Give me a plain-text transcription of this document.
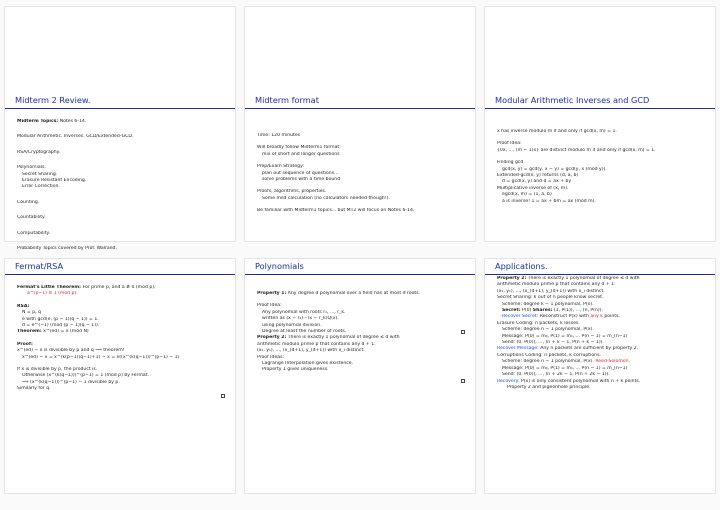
Midterm 2 Review.
Midterm Topics: Notes 6-14.
Modular Arithmetic. Inverses. GCD/Extended-GCD.
RSA/Cryptography.
Polynomials.
Secret Sharing.
Erasure Resistant Encoding.
Error Correction.
Counting.
Countability.
Computability.
Probability Topics covered by Prof. Walrand.
Midterm format
Time: 120 minutes
Will broadly follow Midterm1 format:
mix of short and longer questions
Prep/Exam Strategy:
plan out sequence of questions...
solve problems with a time bound
Proofs, algorithms, properties.
Some mild calculation (no calculators needed though!).
Be familiar with Midterm1 topics... but MT2 will focus on Notes 6-14.
Modular Arithmetic Inverses and GCD
x has inverse modulo m if and only if gcd(x, m) = 1.
Proof Idea:
{0x, ..., (m − 1)x} are distinct modulo m if and only if gcd(x, m) = 1.
Finding gcd.
gcd(x, y) = gcd(y, x − y) = gcd(y, x (mod y)).
Extended-gcd(x, y) returns (d, a, b)
d = gcd(x, y) and d = ax + by
Multiplicative inverse of (x, m).
egcd(x, m) = (1, a, b)
a is inverse! 1 = ax + bm = ax (mod m).
Fermat/RSA
Fermat's Little Theorem: For prime p, and a ≢ 0 (mod p),
a^(p−1) ≡ 1 (mod p).
RSA:
N = p, q
e with gcd(e, (p − 1)(q − 1)) = 1.
d = e^(−1) (mod (p − 1)(q − 1)).
Theorem: x^(ed) = x (mod N)
Proof:
x^(ed) − x is divisible by p and q ⟹ theorem!
x^(ed) − x = x^(k(p−1)(q−1)+1) − x = x((x^(k(q−1)))^(p−1) − 1)
If x is divisible by p, the product is.
Otherwise (x^(k(q−1)))^(p−1) = 1 (mod p) by Fermat.
⟹ (x^(k(q−1)))^(p−1) − 1 divisible by p.
Similarly for q.
Polynomials
Property 1: Any degree d polynomial over a field has at most d roots.
Proof Idea:
Any polynomial with roots r₁, ..., r_k.
written as (x − r₁)···(x − r_k)Q(x).
using polynomial division.
Degree at least the number of roots.
Property 2: There is exactly 1 polynomial of degree ≤ d with
arithmetic modulo prime p that contains any d + 1:
(x₁, y₁), ..., (x_(d+1), y_(d+1)) with x_i distinct.
Proof Ideas:
Lagrange Interpolation gives existence.
Property 1 gives uniqueness.
Applications.
Property 2: There is exactly 1 polynomial of degree ≤ d with
arithmetic modulo prime p that contains any d + 1:
(x₁, y₁), ..., (x_(d+1), y_(d+1)) with x_i distinct.
Secret Sharing: k out of n people know secret.
Scheme: degree k − 1 polynomial, P(x).
Secret: P(0) Shares: (1, P(1)), ..., (n, P(n)).
Recover Secret: Reconstruct P(x) with any k points.
Erasure Coding: n packets, k losses.
Scheme: degree n − 1 polynomial, P(x).
Message: P(0) = m₀, P(1) = m₁, ... P(n − 1) = m_(n−1)
Send: (0, P(0)), ..., (n + k − 1, P(n + k − 1)).
Recover Message: Any n packets are sufficient by property 2.
Corruptions Coding: n packets, k corruptions.
Scheme: degree n − 1 polynomial, P(x). Reed-Solomon.
Message: P(0) = m₀, P(1) = m₁, ... P(n − 1) = m_(n−1)
Send: (0, P(0)), ..., (n + 2k − 1, P(n + 2k − 1)).
Recovery: P(x) is only consistent polynomial with n + k points.
Property 2 and pigeonhole principle.
